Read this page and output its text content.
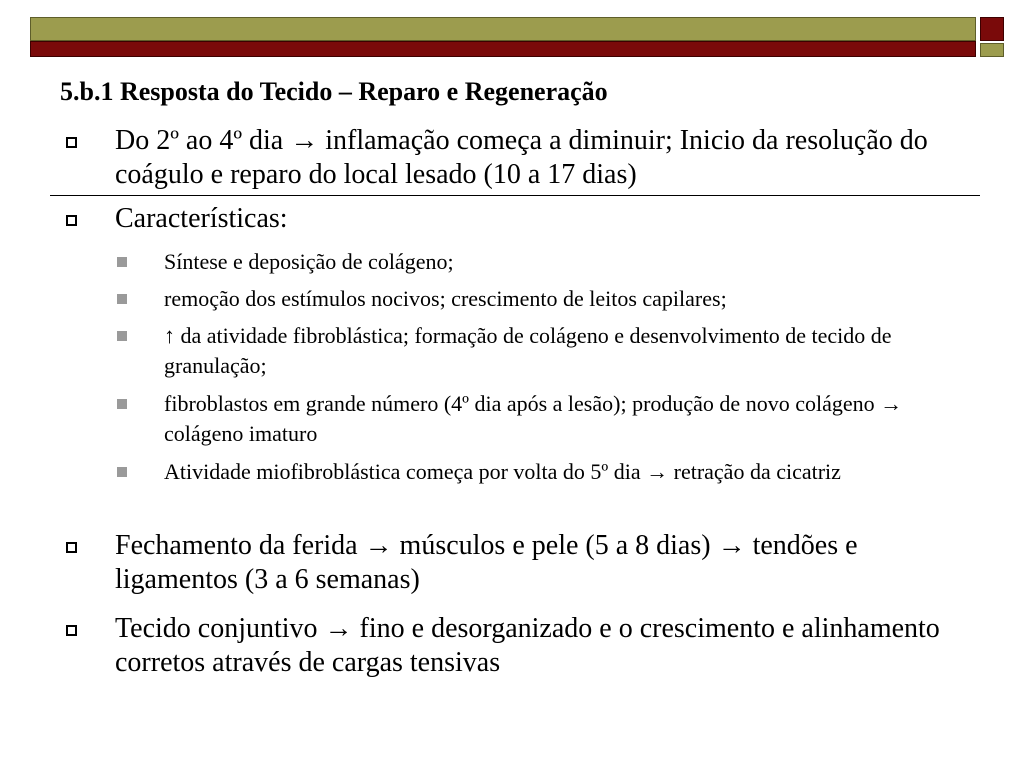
5.b.1 Resposta do Tecido – Reparo e Regeneração
Do 2º ao 4º dia → inflamação começa a diminuir; Inicio da resolução do coágulo e reparo do local lesado (10 a 17 dias)
Características:
Síntese e deposição de colágeno;
remoção dos estímulos nocivos; crescimento de leitos capilares;
↑ da atividade fibroblástica; formação de colágeno e desenvolvimento de tecido de granulação;
fibroblastos em grande número (4º dia após a lesão); produção de novo colágeno → colágeno imaturo
Atividade miofibroblástica começa por volta do 5º dia → retração da cicatriz
Fechamento da ferida → músculos e pele (5 a 8 dias) → tendões e ligamentos (3 a 6 semanas)
Tecido conjuntivo → fino e desorganizado e o crescimento e alinhamento corretos através de cargas tensivas
